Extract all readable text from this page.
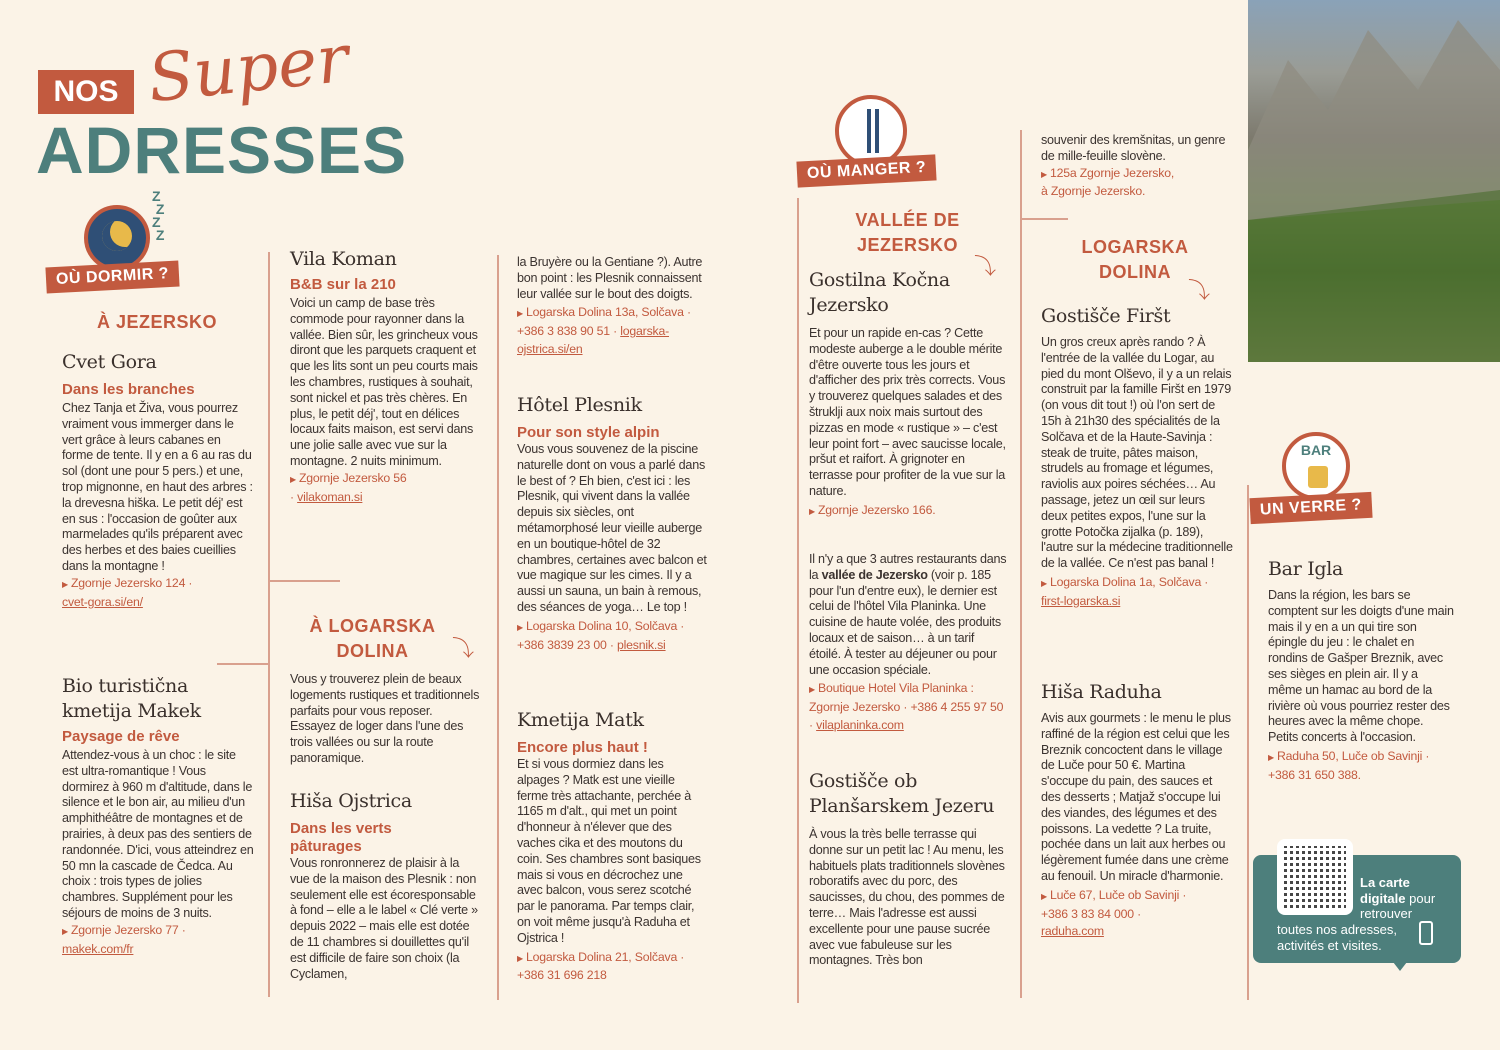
NOS Super
ADRESSES
Z
Z
Z
Z
OÙ DORMIR ?
À JEZERSKO
Cvet Gora
Dans les branches
Chez Tanja et Živa, vous pourrez vraiment vous immerger dans le vert grâce à leurs cabanes en forme de tente. Il y en a 6 au ras du sol (dont une pour 5 pers.) et une, trop mignonne, en haut des arbres : la drevesna hiška. Le petit déj' est en sus : l'occasion de goûter aux marmelades qu'ils préparent avec des herbes et des baies cueillies dans la montagne !
▶ Zgornje Jezersko 124 ·
cvet-gora.si/en/
Bio turistična kmetija Makek
Paysage de rêve
Attendez-vous à un choc : le site est ultra-romantique ! Vous dormirez à 960 m d'altitude, dans le silence et le bon air, au milieu d'un amphithéâtre de montagnes et de prairies, à deux pas des sentiers de randonnée. D'ici, vous atteindrez en 50 mn la cascade de Čedca. Au choix : trois types de jolies chambres. Supplément pour les séjours de moins de 3 nuits.
▶ Zgornje Jezersko 77 ·
makek.com/fr
Vila Koman
B&B sur la 210
Voici un camp de base très commode pour rayonner dans la vallée. Bien sûr, les grincheux vous diront que les parquets craquent et que les lits sont un peu courts mais les chambres, rustiques à souhait, sont nickel et pas très chères. En plus, le petit déj', tout en délices locaux faits maison, est servi dans une jolie salle avec vue sur la montagne. 2 nuits minimum.
▶ Zgornje Jezersko 56
· vilakoman.si
À LOGARSKA
DOLINA	⤵
Vous y trouverez plein de beaux logements rustiques et traditionnels parfaits pour vous reposer. Essayez de loger dans l'une des trois vallées ou sur la route panoramique.
Hiša Ojstrica
Dans les verts pâturages
Vous ronronnerez de plaisir à la vue de la maison des Plesnik : non seulement elle est écoresponsable à fond – elle a le label « Clé verte » depuis 2022 – mais elle est dotée de 11 chambres si douillettes qu'il est difficile de faire son choix (la Cyclamen,
la Bruyère ou la Gentiane ?). Autre bon point : les Plesnik connaissent leur vallée sur le bout des doigts.
▶ Logarska Dolina 13a, Solčava ·
+386 3 838 90 51 · logarska-ojstrica.si/en
Hôtel Plesnik
Pour son style alpin
Vous vous souvenez de la piscine naturelle dont on vous a parlé dans le best of ? Eh bien, c'est ici : les Plesnik, qui vivent dans la vallée depuis six siècles, ont métamorphosé leur vieille auberge en un boutique-hôtel de 32 chambres, certaines avec balcon et vue magique sur les cimes. Il y a aussi un sauna, un bain à remous, des séances de yoga… Le top !
▶ Logarska Dolina 10, Solčava ·
+386 3839 23 00 · plesnik.si
Kmetija Matk
Encore plus haut !
Et si vous dormiez dans les alpages ? Matk est une vieille ferme très attachante, perchée à 1165 m d'alt., qui met un point d'honneur à n'élever que des vaches cika et des moutons du coin. Ses chambres sont basiques mais si vous en décrochez une avec balcon, vous serez scotché par le panorama. Par temps clair, on voit même jusqu'à Raduha et Ojstrica !
▶ Logarska Dolina 21, Solčava ·
+386 31 696 218
OÙ MANGER ?
VALLÉE DE
JEZERSKO
⤵
Gostilna Kočna
Jezersko
Et pour un rapide en-cas ? Cette modeste auberge a le double mérite d'être ouverte tous les jours et d'afficher des prix très corrects. Vous y trouverez quelques salades et des štruklji aux noix mais surtout des pizzas en mode « rustique » – c'est leur point fort – avec saucisse locale, pršut et raifort. À grignoter en terrasse pour profiter de la vue sur la nature.
▶ Zgornje Jezersko 166.
Il n'y a que 3 autres restaurants dans la vallée de Jezersko (voir p. 185 pour l'un d'entre eux), le dernier est celui de l'hôtel Vila Planinka. Une cuisine de haute volée, des produits locaux et de saison… à un tarif étoilé. À tester au déjeuner ou pour une occasion spéciale.
▶ Boutique Hotel Vila Planinka : Zgornje Jezersko · +386 4 255 97 50 · vilaplaninka.com
Gostišče ob
Planšarskem Jezeru
À vous la très belle terrasse qui donne sur un petit lac ! Au menu, les habituels plats traditionnels slovènes roboratifs avec du porc, des saucisses, du chou, des pommes de terre… Mais l'adresse est aussi excellente pour une pause sucrée avec vue fabuleuse sur les montagnes. Très bon
souvenir des kremšnitas, un genre de mille-feuille slovène.
▶ 125a Zgornje Jezersko,
à Zgornje Jezersko.
LOGARSKA
DOLINA
⤵
Gostišče Firšt
Un gros creux après rando ? À l'entrée de la vallée du Logar, au pied du mont Olševo, il y a un relais construit par la famille Firšt en 1979 (on vous dit tout !) où l'on sert de 15h à 21h30 des spécialités de la Solčava et de la Haute-Savinja : steak de truite, pâtes maison, strudels au fromage et légumes, raviolis aux poires séchées… Au passage, jetez un œil sur leurs deux petites expos, l'une sur la grotte Potočka zijalka (p. 189), l'autre sur la médecine traditionnelle de la vallée. Ce n'est pas banal !
▶ Logarska Dolina 1a, Solčava ·
first-logarska.si
Hiša Raduha
Avis aux gourmets : le menu le plus raffiné de la région est celui que les Breznik concoctent dans le village de Luče pour 50 €. Martina s'occupe du pain, des sauces et des desserts ; Matjaž s'occupe lui des viandes, des légumes et des poissons. La vedette ? La truite, pochée dans un lait aux herbes ou légèrement fumée dans une crème au fenouil. Un miracle d'harmonie.
▶ Luče 67, Luče ob Savinji ·
+386 3 83 84 000 ·
raduha.com
BAR
UN VERRE ?
Bar Igla
Dans la région, les bars se comptent sur les doigts d'une main mais il y en a un qui tire son épingle du jeu : le chalet en rondins de Gašper Breznik, avec ses sièges en plein air. Il y a même un hamac au bord de la rivière où vous pourriez rester des heures avec la même chope. Petits concerts à l'occasion.
▶ Raduha 50, Luče ob Savinji ·
+386 31 650 388.
La carte
digitale pour
retrouver
toutes nos adresses,
activités et visites.
